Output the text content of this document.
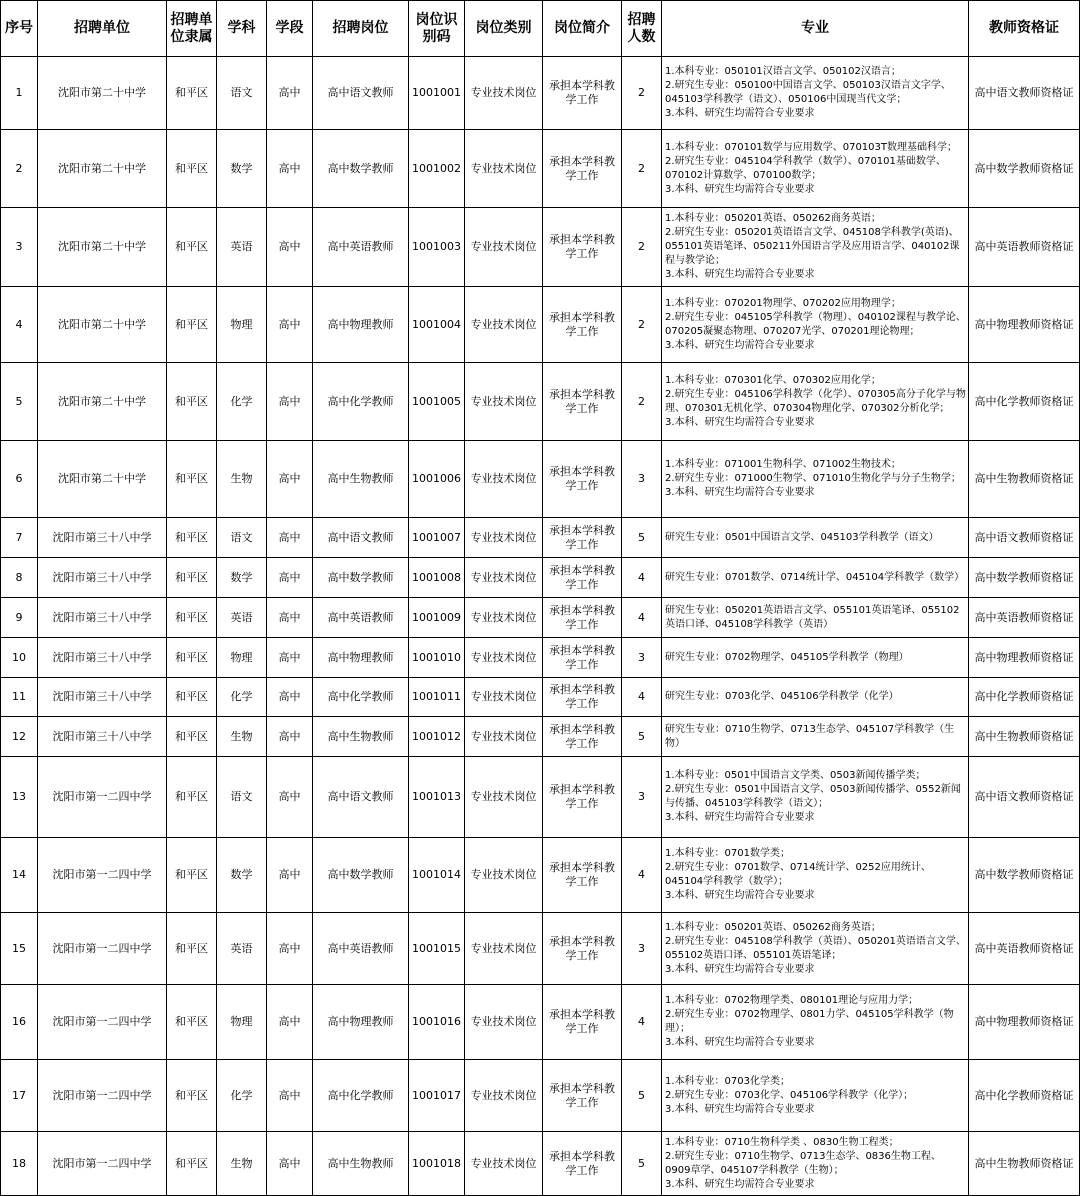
序号	招聘单位	招聘单位隶属	学科	学段	招聘岗位	岗位识别码	岗位类别	岗位简介	招聘人数	专业	教师资格证
1	沈阳市第二十中学	和平区	语文	高中	高中语文教师	1001001	专业技术岗位	承担本学科教学工作	2	1.本科专业：050101汉语言文学、050102汉语言；
2.研究生专业：050100中国语言文学、050103汉语言文字学、045103学科教学（语文）、050106中国现当代文学；
3.本科、研究生均需符合专业要求	高中语文教师资格证
2	沈阳市第二十中学	和平区	数学	高中	高中数学教师	1001002	专业技术岗位	承担本学科教学工作	2	1.本科专业：070101数学与应用数学、070103T数理基础科学；
2.研究生专业：045104学科教学（数学）、070101基础数学、070102计算数学、070100数学；
3.本科、研究生均需符合专业要求	高中数学教师资格证
3	沈阳市第二十中学	和平区	英语	高中	高中英语教师	1001003	专业技术岗位	承担本学科教学工作	2	1.本科专业：050201英语、050262商务英语；
2.研究生专业：050201英语语言文学、045108学科教学(英语)、055101英语笔译、050211外国语言学及应用语言学、040102课程与教学论；
3.本科、研究生均需符合专业要求	高中英语教师资格证
4	沈阳市第二十中学	和平区	物理	高中	高中物理教师	1001004	专业技术岗位	承担本学科教学工作	2	1.本科专业：070201物理学、070202应用物理学；
2.研究生专业：045105学科教学（物理）、040102课程与教学论、070205凝聚态物理、070207光学、070201理论物理；
3.本科、研究生均需符合专业要求	高中物理教师资格证
5	沈阳市第二十中学	和平区	化学	高中	高中化学教师	1001005	专业技术岗位	承担本学科教学工作	2	1.本科专业：070301化学、070302应用化学；
2.研究生专业：045106学科教学（化学）、070305高分子化学与物理、070301无机化学、070304物理化学、070302分析化学；
3.本科、研究生均需符合专业要求	高中化学教师资格证
6	沈阳市第二十中学	和平区	生物	高中	高中生物教师	1001006	专业技术岗位	承担本学科教学工作	3	1.本科专业：071001生物科学、071002生物技术；
2.研究生专业：071000生物学、071010生物化学与分子生物学；
3.本科、研究生均需符合专业要求	高中生物教师资格证
7	沈阳市第三十八中学	和平区	语文	高中	高中语文教师	1001007	专业技术岗位	承担本学科教学工作	5	研究生专业：0501中国语言文学、045103学科教学（语文）	高中语文教师资格证
8	沈阳市第三十八中学	和平区	数学	高中	高中数学教师	1001008	专业技术岗位	承担本学科教学工作	4	研究生专业：0701数学、0714统计学、045104学科教学（数学）	高中数学教师资格证
9	沈阳市第三十八中学	和平区	英语	高中	高中英语教师	1001009	专业技术岗位	承担本学科教学工作	4	研究生专业：050201英语语言文学、055101英语笔译、055102英语口译、045108学科教学（英语）	高中英语教师资格证
10	沈阳市第三十八中学	和平区	物理	高中	高中物理教师	1001010	专业技术岗位	承担本学科教学工作	3	研究生专业：0702物理学、045105学科教学（物理）	高中物理教师资格证
11	沈阳市第三十八中学	和平区	化学	高中	高中化学教师	1001011	专业技术岗位	承担本学科教学工作	4	研究生专业：0703化学、045106学科教学（化学）	高中化学教师资格证
12	沈阳市第三十八中学	和平区	生物	高中	高中生物教师	1001012	专业技术岗位	承担本学科教学工作	5	研究生专业：0710生物学、0713生态学、045107学科教学（生物）	高中生物教师资格证
13	沈阳市第一二四中学	和平区	语文	高中	高中语文教师	1001013	专业技术岗位	承担本学科教学工作	3	1.本科专业：0501中国语言文学类、0503新闻传播学类；
2.研究生专业：0501中国语言文学、0503新闻传播学、0552新闻与传播、045103学科教学（语文）；
3.本科、研究生均需符合专业要求	高中语文教师资格证
14	沈阳市第一二四中学	和平区	数学	高中	高中数学教师	1001014	专业技术岗位	承担本学科教学工作	4	1.本科专业：0701数学类；
2.研究生专业：0701数学、0714统计学、0252应用统计、045104学科教学（数学）；
3.本科、研究生均需符合专业要求	高中数学教师资格证
15	沈阳市第一二四中学	和平区	英语	高中	高中英语教师	1001015	专业技术岗位	承担本学科教学工作	3	1.本科专业：050201英语、050262商务英语；
2.研究生专业：045108学科教学（英语）、050201英语语言文学、055102英语口译、055101英语笔译；
3.本科、研究生均需符合专业要求	高中英语教师资格证
16	沈阳市第一二四中学	和平区	物理	高中	高中物理教师	1001016	专业技术岗位	承担本学科教学工作	4	1.本科专业：0702物理学类、080101理论与应用力学；
2.研究生专业：0702物理学、0801力学、045105学科教学（物理）；
3.本科、研究生均需符合专业要求	高中物理教师资格证
17	沈阳市第一二四中学	和平区	化学	高中	高中化学教师	1001017	专业技术岗位	承担本学科教学工作	5	1.本科专业：0703化学类；
2.研究生专业：0703化学、045106学科教学（化学）；
3.本科、研究生均需符合专业要求	高中化学教师资格证
18	沈阳市第一二四中学	和平区	生物	高中	高中生物教师	1001018	专业技术岗位	承担本学科教学工作	5	1.本科专业：0710生物科学类 、0830生物工程类；
2.研究生专业：0710生物学、0713生态学、0836生物工程、0909草学、045107学科教学（生物）；
3.本科、研究生均需符合专业要求	高中生物教师资格证
